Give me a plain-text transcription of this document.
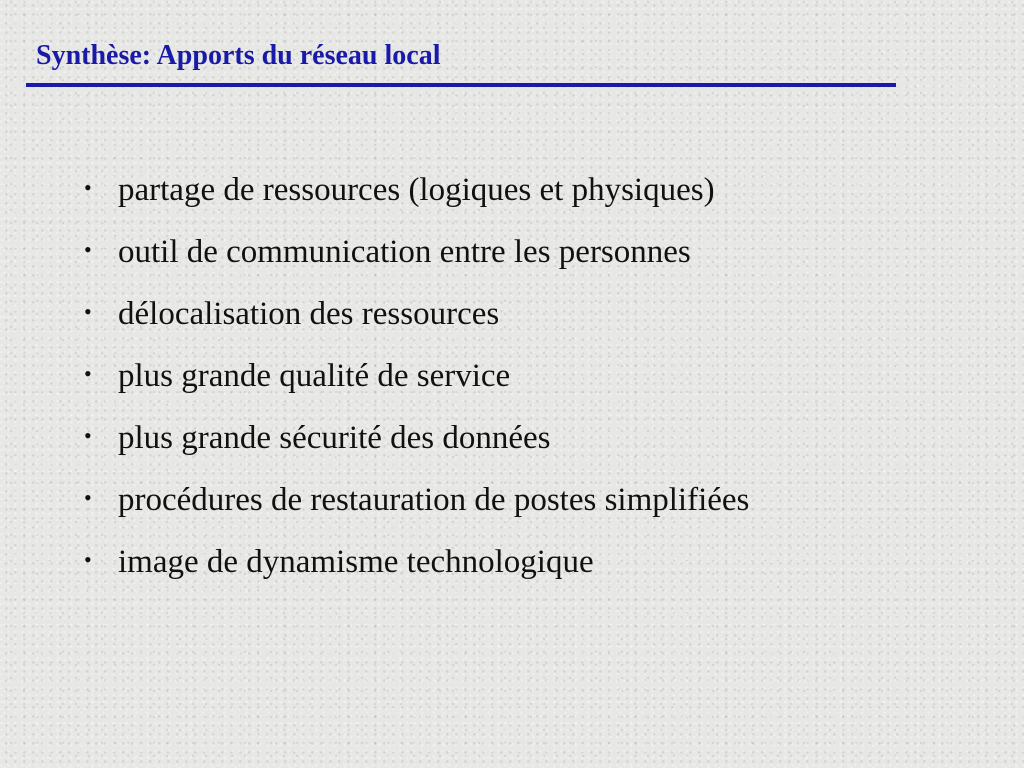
Synthèse: Apports du réseau local
• partage de ressources (logiques et physiques)
• outil de communication entre les personnes
• délocalisation des ressources
• plus grande qualité de service
• plus grande sécurité des données
• procédures de restauration de postes simplifiées
• image de dynamisme technologique
